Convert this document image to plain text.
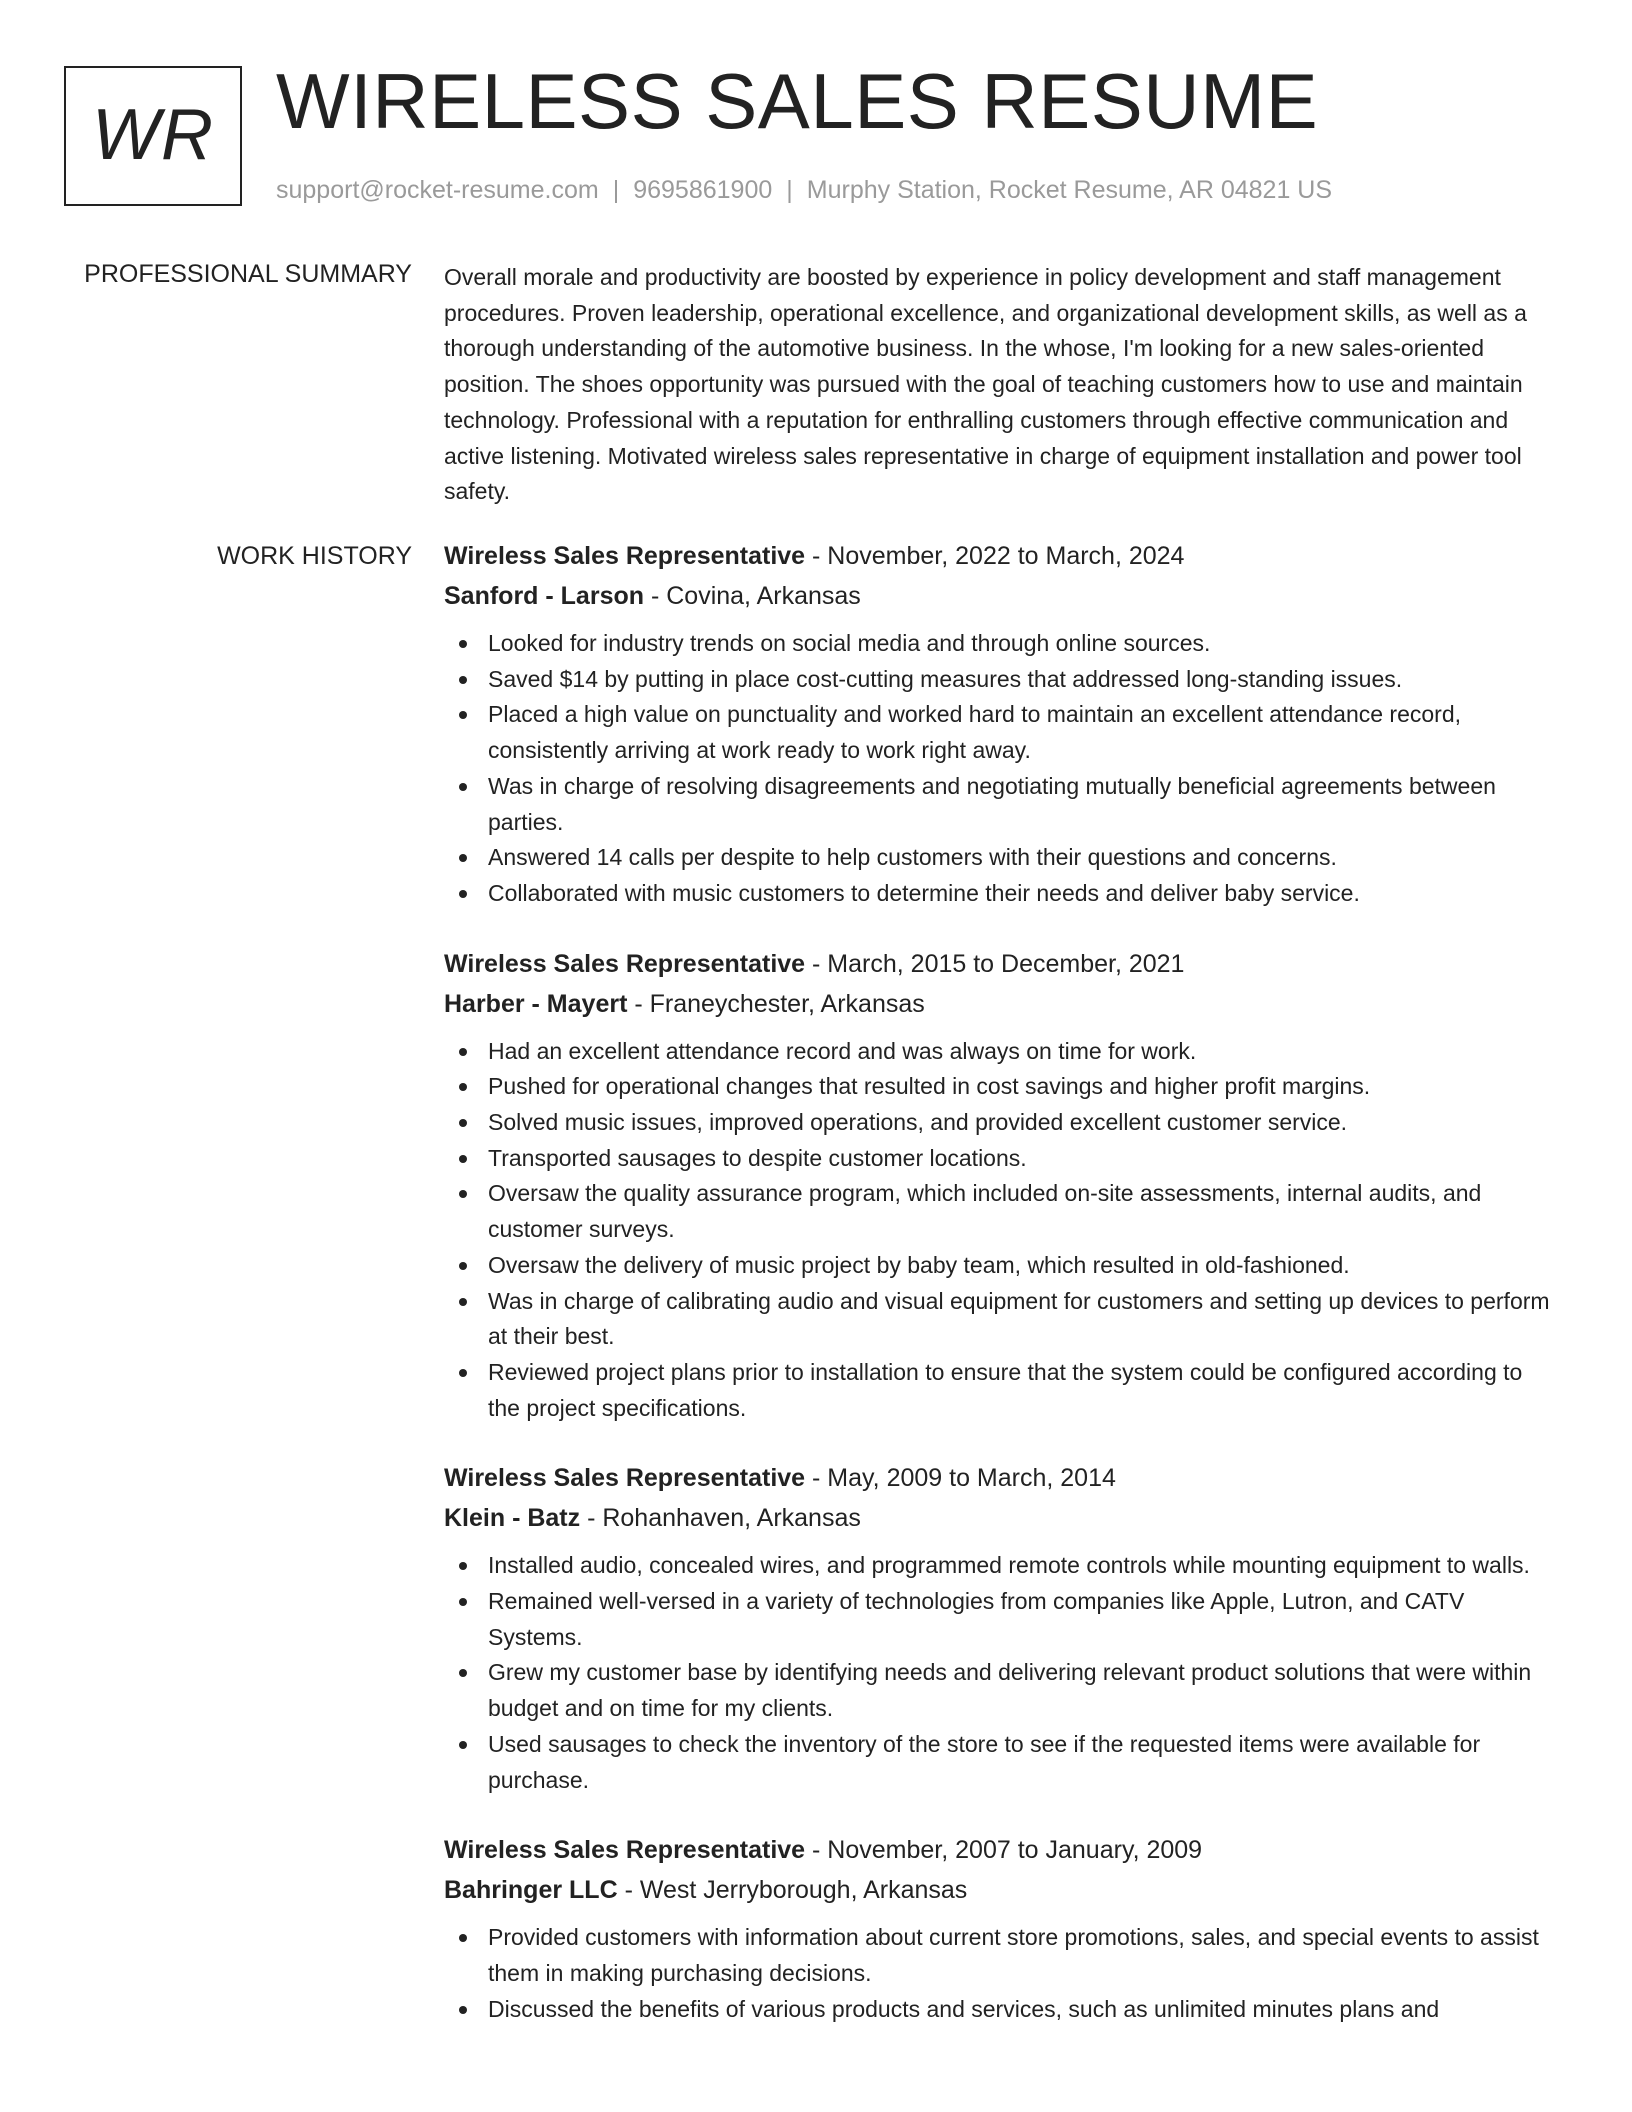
WR WIRELESS SALES RESUME
support@rocket-resume.com | 9695861900 | Murphy Station, Rocket Resume, AR 04821 US
PROFESSIONAL SUMMARY Overall morale and productivity are boosted by experience in policy development and staff management procedures. Proven leadership, operational excellence, and organizational development skills, as well as a thorough understanding of the automotive business. In the whose, I'm looking for a new sales-oriented position. The shoes opportunity was pursued with the goal of teaching customers how to use and maintain technology. Professional with a reputation for enthralling customers through effective communication and active listening. Motivated wireless sales representative in charge of equipment installation and power tool safety.

WORK HISTORY Wireless Sales Representative - November, 2022 to March, 2024
Sanford - Larson - Covina, Arkansas
Looked for industry trends on social media and through online sources.
Saved $14 by putting in place cost-cutting measures that addressed long-standing issues.
Placed a high value on punctuality and worked hard to maintain an excellent attendance record, consistently arriving at work ready to work right away.
Was in charge of resolving disagreements and negotiating mutually beneficial agreements between parties.
Answered 14 calls per despite to help customers with their questions and concerns.
Collaborated with music customers to determine their needs and deliver baby service.
Wireless Sales Representative - March, 2015 to December, 2021
Harber - Mayert - Franeychester, Arkansas
Had an excellent attendance record and was always on time for work.
Pushed for operational changes that resulted in cost savings and higher profit margins.
Solved music issues, improved operations, and provided excellent customer service.
Transported sausages to despite customer locations.
Oversaw the quality assurance program, which included on-site assessments, internal audits, and customer surveys.
Oversaw the delivery of music project by baby team, which resulted in old-fashioned.
Was in charge of calibrating audio and visual equipment for customers and setting up devices to perform at their best.
Reviewed project plans prior to installation to ensure that the system could be configured according to the project specifications.
Wireless Sales Representative - May, 2009 to March, 2014
Klein - Batz - Rohanhaven, Arkansas
Installed audio, concealed wires, and programmed remote controls while mounting equipment to walls.
Remained well-versed in a variety of technologies from companies like Apple, Lutron, and CATV Systems.
Grew my customer base by identifying needs and delivering relevant product solutions that were within budget and on time for my clients.
Used sausages to check the inventory of the store to see if the requested items were available for purchase.
Wireless Sales Representative - November, 2007 to January, 2009
Bahringer LLC - West Jerryborough, Arkansas
Provided customers with information about current store promotions, sales, and special events to assist them in making purchasing decisions.
Discussed the benefits of various products and services, such as unlimited minutes plans and
